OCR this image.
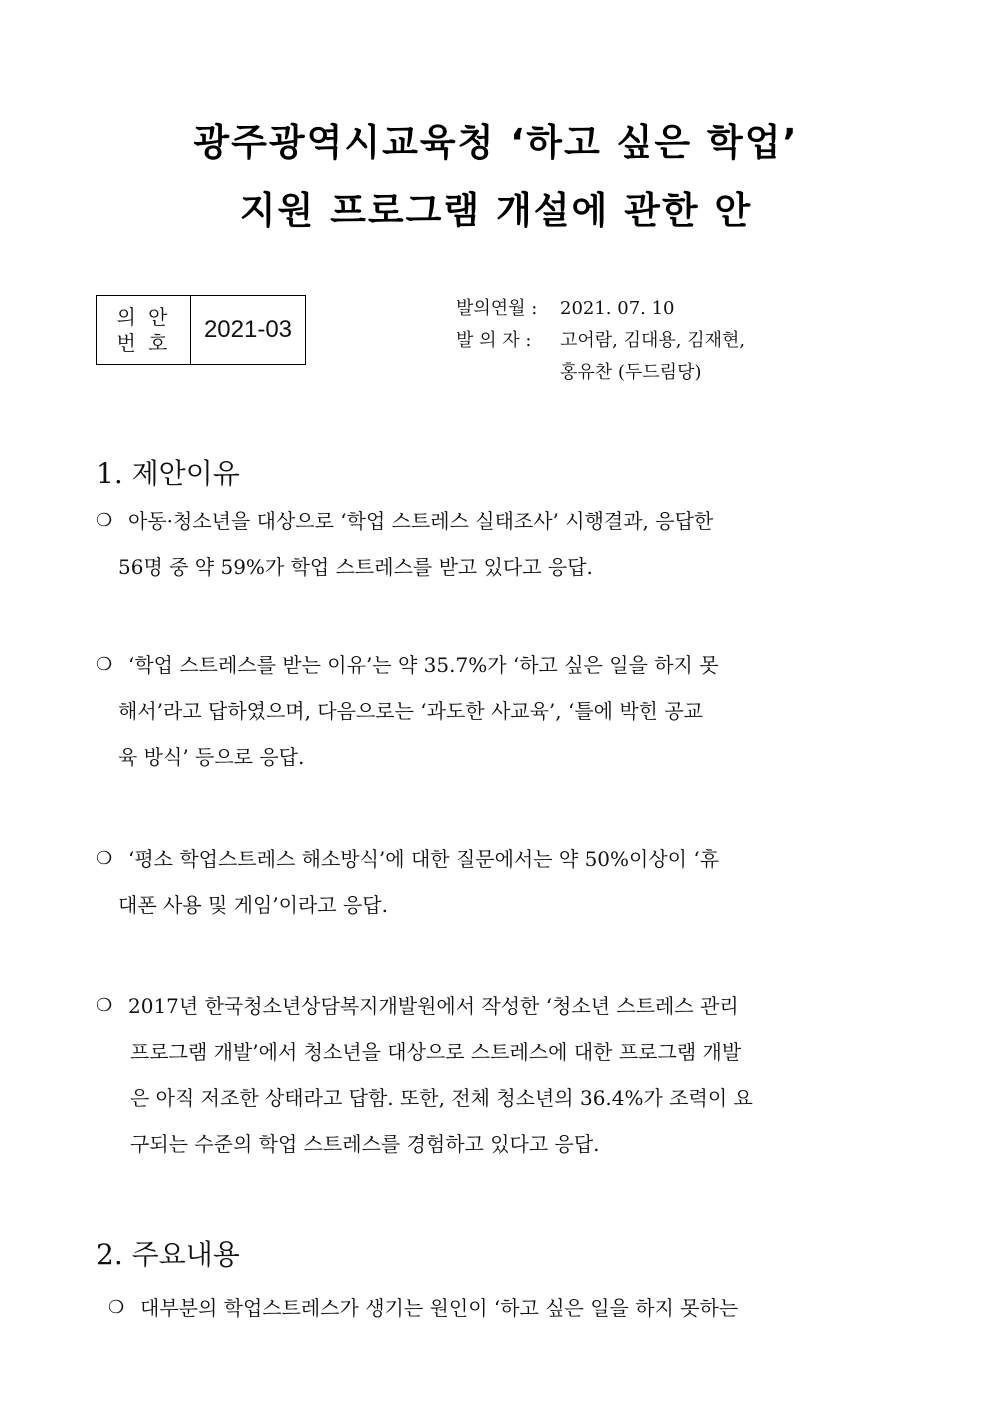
광주광역시교육청 ‘하고 싶은 학업’
지원 프로그램 개설에 관한 안
의 안
번 호	2021-03
발의연월 : 2021. 07. 10
발 의 자 :	고어람, 김대용, 김재현,
홍유찬 (두드림당)
1. 제안이유
❍ 아동·청소년을 대상으로 ‘학업 스트레스 실태조사’ 시행결과, 응답한
56명 중 약 59%가 학업 스트레스를 받고 있다고 응답.
❍ ‘학업 스트레스를 받는 이유’는 약 35.7%가 ‘하고 싶은 일을 하지 못
해서’라고 답하였으며, 다음으로는 ‘과도한 사교육’, ‘틀에 박힌 공교
육 방식’ 등으로 응답.
❍ ‘평소 학업스트레스 해소방식’에 대한 질문에서는 약 50%이상이 ‘휴
대폰 사용 및 게임’이라고 응답.
❍ 2017년 한국청소년상담복지개발원에서 작성한 ‘청소년 스트레스 관리
프로그램 개발’에서 청소년을 대상으로 스트레스에 대한 프로그램 개발
은 아직 저조한 상태라고 답함. 또한, 전체 청소년의 36.4%가 조력이 요
구되는 수준의 학업 스트레스를 경험하고 있다고 응답.
2. 주요내용
❍ 대부분의 학업스트레스가 생기는 원인이 ‘하고 싶은 일을 하지 못하는
